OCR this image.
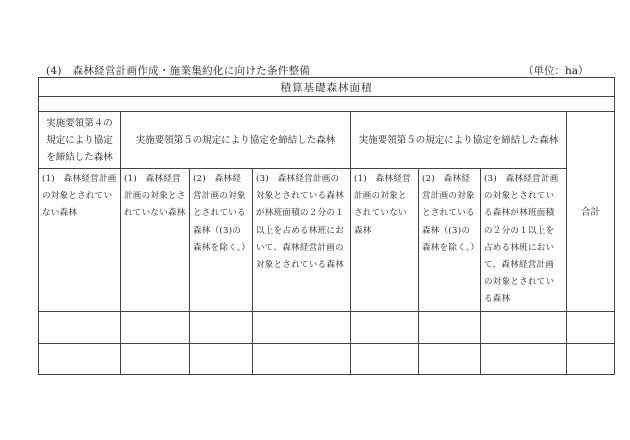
(4)　森林経営計画作成・施業集約化に向けた条件整備	（単位：ha）
積算基礎森林面積							

実施要領第４の
規定により協定
を締結した森林	実施要領第５の規定により協定を締結した森林			実施要領第５の規定により協定を締結した森林			合計
(1)　森林経営計画の対象とされていない森林	(1)　森林経営計画の対象とされていない森林	(2)　森林経営計画の対象とされている森林（(3)の森林を除く。）	(3)　森林経営計画の対象とされている森林が林班面積の２分の１以上を占める林班において、森林経営計画の対象とされている森林	(1)　森林経営計画の対象とされていない森林	(2)　森林経営計画の対象とされている森林（(3)の森林を除く。）	(3)　森林経営計画の対象とされている森林が林班面積の２分の１以上を占める林班において、森林経営計画の対象とされている森林	
